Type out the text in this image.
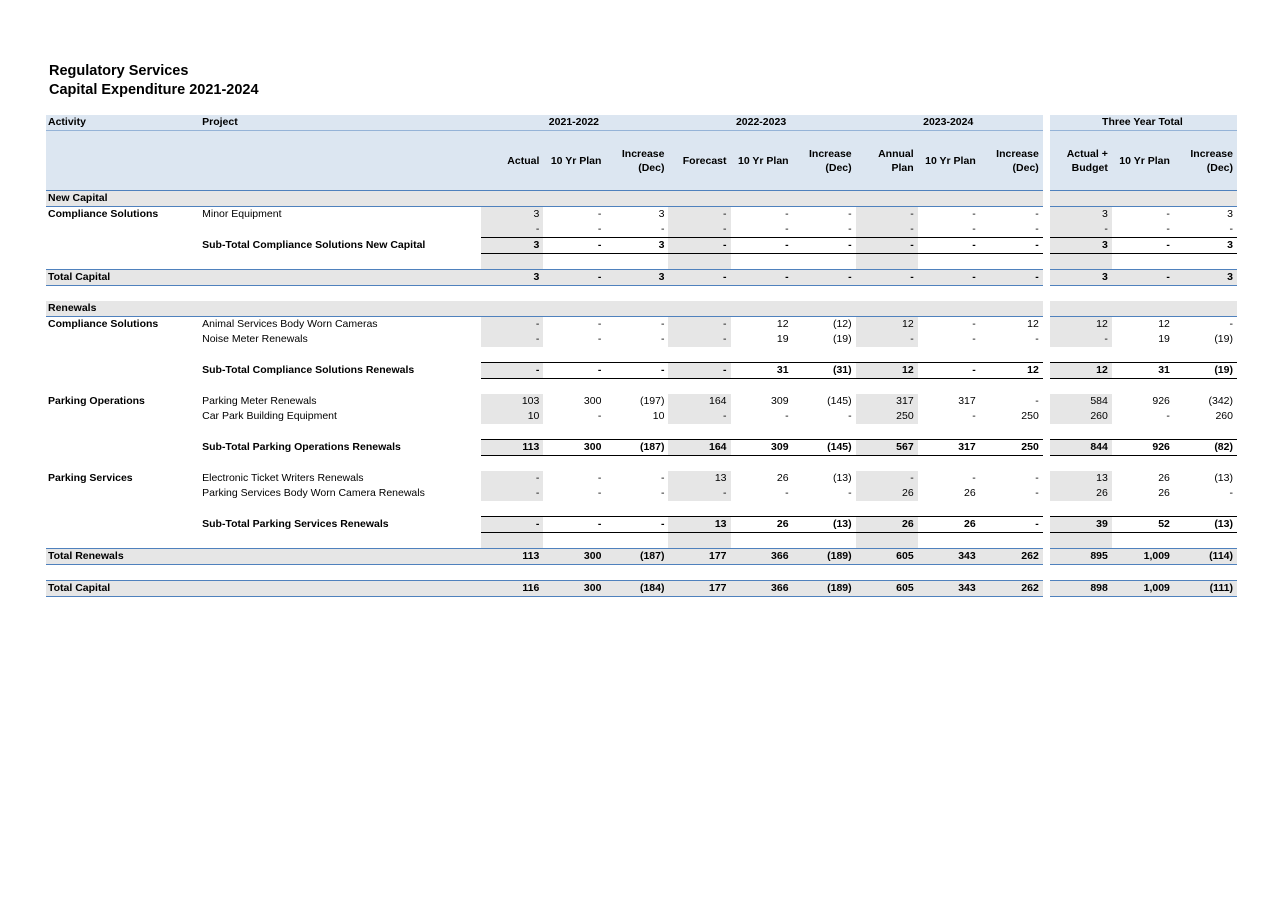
Regulatory Services
Capital Expenditure 2021-2024
Activity	Project	2021-2022			2022-2023			2023-2024				Three Year Total		
		Actual	10 Yr Plan	Increase (Dec)	Forecast	10 Yr Plan	Increase (Dec)	Annual Plan	10 Yr Plan	Increase (Dec)		Actual + Budget	10 Yr Plan	Increase (Dec)
New Capital														
Compliance Solutions	Minor Equipment	3	-	3	-	-	-	-	-	-		3	-	3
		-	-	-	-	-	-	-	-	-		-	-	-
	Sub-Total Compliance Solutions New Capital	3	-	3	-	-	-	-	-	-		3	-	3

Total Capital		3	-	3	-	-	-	-	-	-		3	-	3

Renewals														
Compliance Solutions	Animal Services Body Worn Cameras	-	-	-	-	12	(12)	12	-	12		12	12	-
	Noise Meter Renewals	-	-	-	-	19	(19)	-	-	-		-	19	(19)

	Sub-Total Compliance Solutions Renewals	-	-	-	-	31	(31)	12	-	12		12	31	(19)

Parking Operations	Parking Meter Renewals	103	300	(197)	164	309	(145)	317	317	-		584	926	(342)
	Car Park Building Equipment	10	-	10	-	-	-	250	-	250		260	-	260

	Sub-Total Parking Operations Renewals	113	300	(187)	164	309	(145)	567	317	250		844	926	(82)

Parking Services	Electronic Ticket Writers Renewals	-	-	-	13	26	(13)	-	-	-		13	26	(13)
	Parking Services Body Worn Camera Renewals	-	-	-	-	-	-	26	26	-		26	26	-

	Sub-Total Parking Services Renewals	-	-	-	13	26	(13)	26	26	-		39	52	(13)

Total Renewals		113	300	(187)	177	366	(189)	605	343	262		895	1,009	(114)

Total Capital		116	300	(184)	177	366	(189)	605	343	262		898	1,009	(111)
